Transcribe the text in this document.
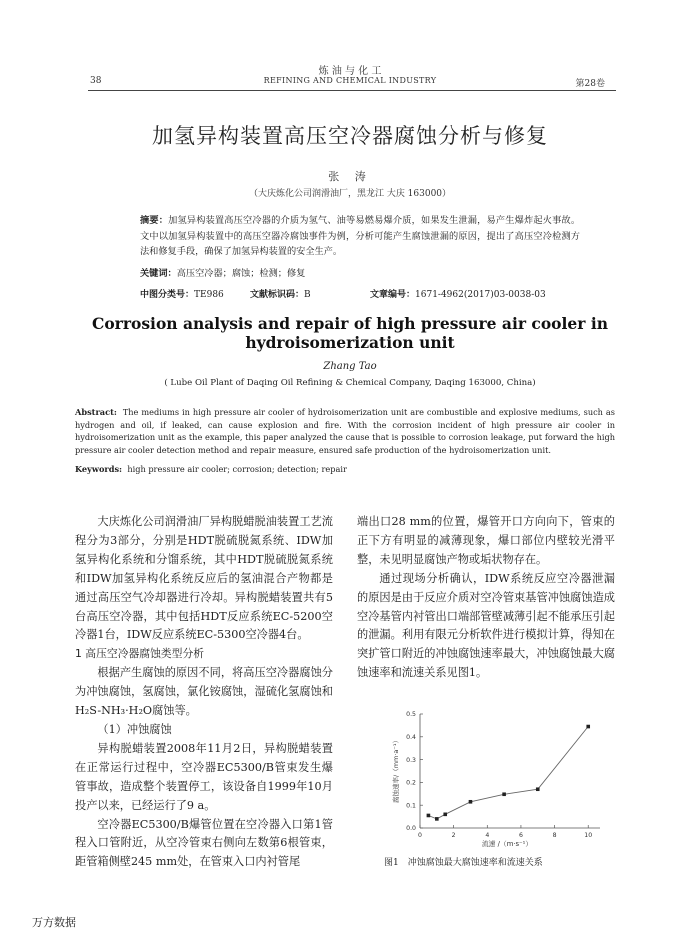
炼 油 与 化 工
REFINING AND CHEMICAL INDUSTRY
38	第28卷
加氢异构装置高压空冷器腐蚀分析与修复
张 涛
（大庆炼化公司润滑油厂，黑龙江 大庆 163000）
摘要：加氢异构装置高压空冷器的介质为氢气、油等易燃易爆介质，如果发生泄漏，易产生爆炸起火事故。文中以加氢异构装置中的高压空器冷腐蚀事件为例，分析可能产生腐蚀泄漏的原因，提出了高压空冷检测方法和修复手段，确保了加氢异构装置的安全生产。
关键词：高压空冷器；腐蚀；检测；修复
中图分类号：TE986	文献标识码：B	文章编号：1671-4962(2017)03-0038-03
Corrosion analysis and repair of high pressure air cooler in hydroisomerization unit
Zhang Tao
( Lube Oil Plant of Daqing Oil Refining & Chemical Company, Daqing 163000, China)
Abstract: The mediums in high pressure air cooler of hydroisomerization unit are combustible and explosive mediums, such as hydrogen and oil, if leaked, can cause explosion and fire. With the corrosion incident of high pressure air cooler in hydroisomerization unit as the example, this paper analyzed the cause that is possible to corrosion leakage, put forward the high pressure air cooler detection method and repair measure, ensured safe production of the hydroisomerization unit.
Keywords: high pressure air cooler; corrosion; detection; repair

大庆炼化公司润滑油厂异构脱蜡脱油装置工艺流程分为3部分，分别是HDT脱硫脱氮系统、IDW加氢异构化系统和分馏系统，其中HDT脱硫脱氮系统和IDW加氢异构化系统反应后的氢油混合产物都是通过高压空气冷却器进行冷却。异构脱蜡装置共有5台高压空冷器，其中包括HDT反应系统EC-5200空冷器1台，IDW反应系统EC-5300空冷器4台。

1 高压空冷器腐蚀类型分析

根据产生腐蚀的原因不同，将高压空冷器腐蚀分为冲蚀腐蚀，氢腐蚀，氯化铵腐蚀，湿硫化氢腐蚀和H₂S-NH₃·H₂O腐蚀等。

（1）冲蚀腐蚀

异构脱蜡装置2008年11月2日，异构脱蜡装置在正常运行过程中，空冷器EC5300/B管束发生爆管事故，造成整个装置停工，该设备自1999年10月投产以来，已经运行了9 a。

空冷器EC5300/B爆管位置在空冷器入口第1管程入口管附近，从空冷管束右侧向左数第6根管束，距管箱侧壁245 mm处，在管束入口内衬管尾

端出口28 mm的位置，爆管开口方向向下，管束的正下方有明显的减薄现象，爆口部位内壁较光滑平整，未见明显腐蚀产物或垢状物存在。

通过现场分析确认，IDW系统反应空冷器泄漏的原因是由于反应介质对空冷管束基管冲蚀腐蚀造成空冷基管内衬管出口端部管壁减薄引起不能承压引起的泄漏。利用有限元分析软件进行模拟计算，得知在突扩管口附近的冲蚀腐蚀速率最大，冲蚀腐蚀最大腐蚀速率和流速关系见图1。

0.0
0.1
0.2
0.3
0.4
0.5
0	2	4	6	8	10
腐蚀速率/（mm·a⁻¹）
流速 /（m·s⁻¹）
图1　冲蚀腐蚀最大腐蚀速率和流速关系
万方数据
